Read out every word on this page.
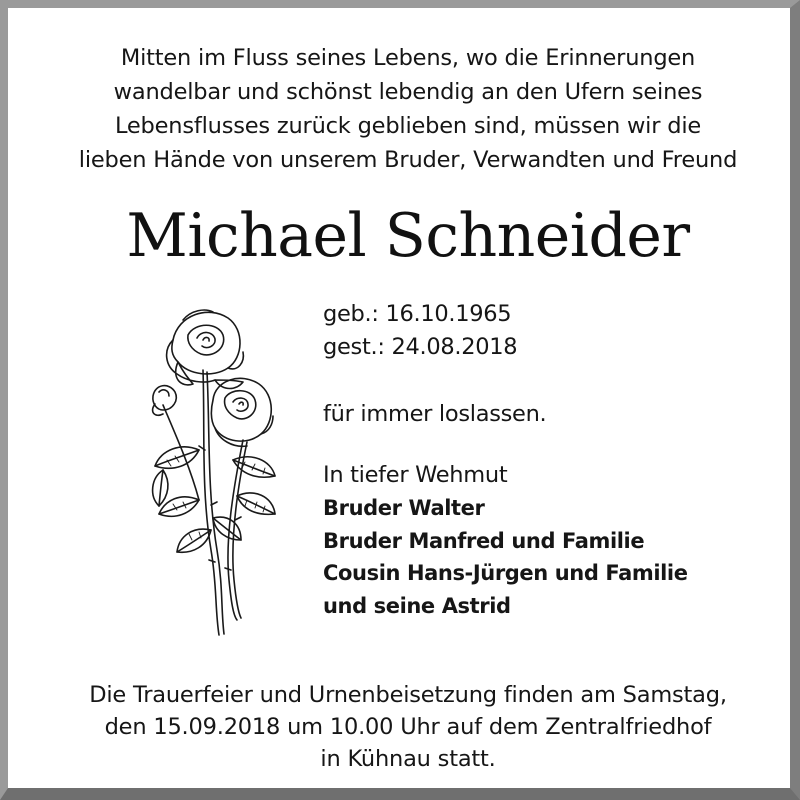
Mitten im Fluss seines Lebens, wo die Erinnerungen
wandelbar und schönst lebendig an den Ufern seines
Lebensflusses zurück geblieben sind, müssen wir die
lieben Hände von unserem Bruder, Verwandten und Freund
Michael Schneider
geb.: 16.10.1965
gest.: 24.08.2018
für immer loslassen.
In tiefer Wehmut
Bruder Walter
Bruder Manfred und Familie
Cousin Hans-Jürgen und Familie
und seine Astrid
Die Trauerfeier und Urnenbeisetzung finden am Samstag,
den 15.09.2018 um 10.00 Uhr auf dem Zentralfriedhof
in Kühnau statt.
